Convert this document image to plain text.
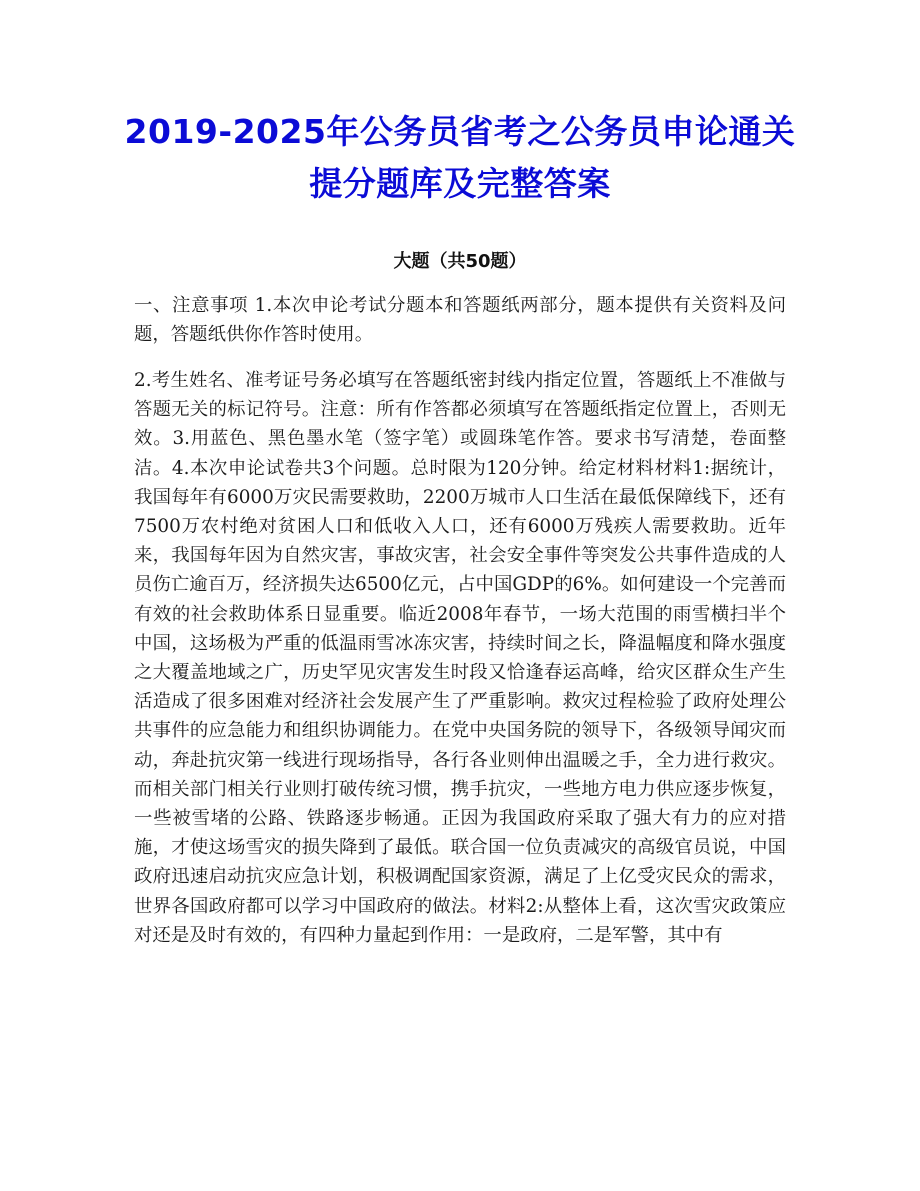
2019-2025年公务员省考之公务员申论通关提分题库及完整答案
大题（共50题）

一、注意事项 1.本次申论考试分题本和答题纸两部分，题本提供有关资料及问题，答题纸供你作答时使用。

2.考生姓名、准考证号务必填写在答题纸密封线内指定位置，答题纸上不准做与答题无关的标记符号。注意：所有作答都必须填写在答题纸指定位置上，否则无效。3.用蓝色、黑色墨水笔（签字笔）或圆珠笔作答。要求书写清楚，卷面整洁。4.本次申论试卷共3个问题。总时限为120分钟。给定材料材料1:据统计，我国每年有6000万灾民需要救助，2200万城市人口生活在最低保障线下，还有7500万农村绝对贫困人口和低收入人口，还有6000万残疾人需要救助。近年来，我国每年因为自然灾害，事故灾害，社会安全事件等突发公共事件造成的人员伤亡逾百万，经济损失达6500亿元，占中国GDP的6%。如何建设一个完善而有效的社会救助体系日显重要。临近2008年春节，一场大范围的雨雪横扫半个中国，这场极为严重的低温雨雪冰冻灾害，持续时间之长，降温幅度和降水强度之大覆盖地域之广，历史罕见灾害发生时段又恰逢春运高峰，给灾区群众生产生活造成了很多困难对经济社会发展产生了严重影响。救灾过程检验了政府处理公共事件的应急能力和组织协调能力。在党中央国务院的领导下，各级领导闻灾而动，奔赴抗灾第一线进行现场指导，各行各业则伸出温暖之手，全力进行救灾。而相关部门相关行业则打破传统习惯，携手抗灾，一些地方电力供应逐步恢复，一些被雪堵的公路、铁路逐步畅通。正因为我国政府采取了强大有力的应对措施，才使这场雪灾的损失降到了最低。联合国一位负责减灾的高级官员说，中国政府迅速启动抗灾应急计划，积极调配国家资源，满足了上亿受灾民众的需求，世界各国政府都可以学习中国政府的做法。材料2:从整体上看，这次雪灾政策应对还是及时有效的，有四种力量起到作用：一是政府，二是军警，其中有
